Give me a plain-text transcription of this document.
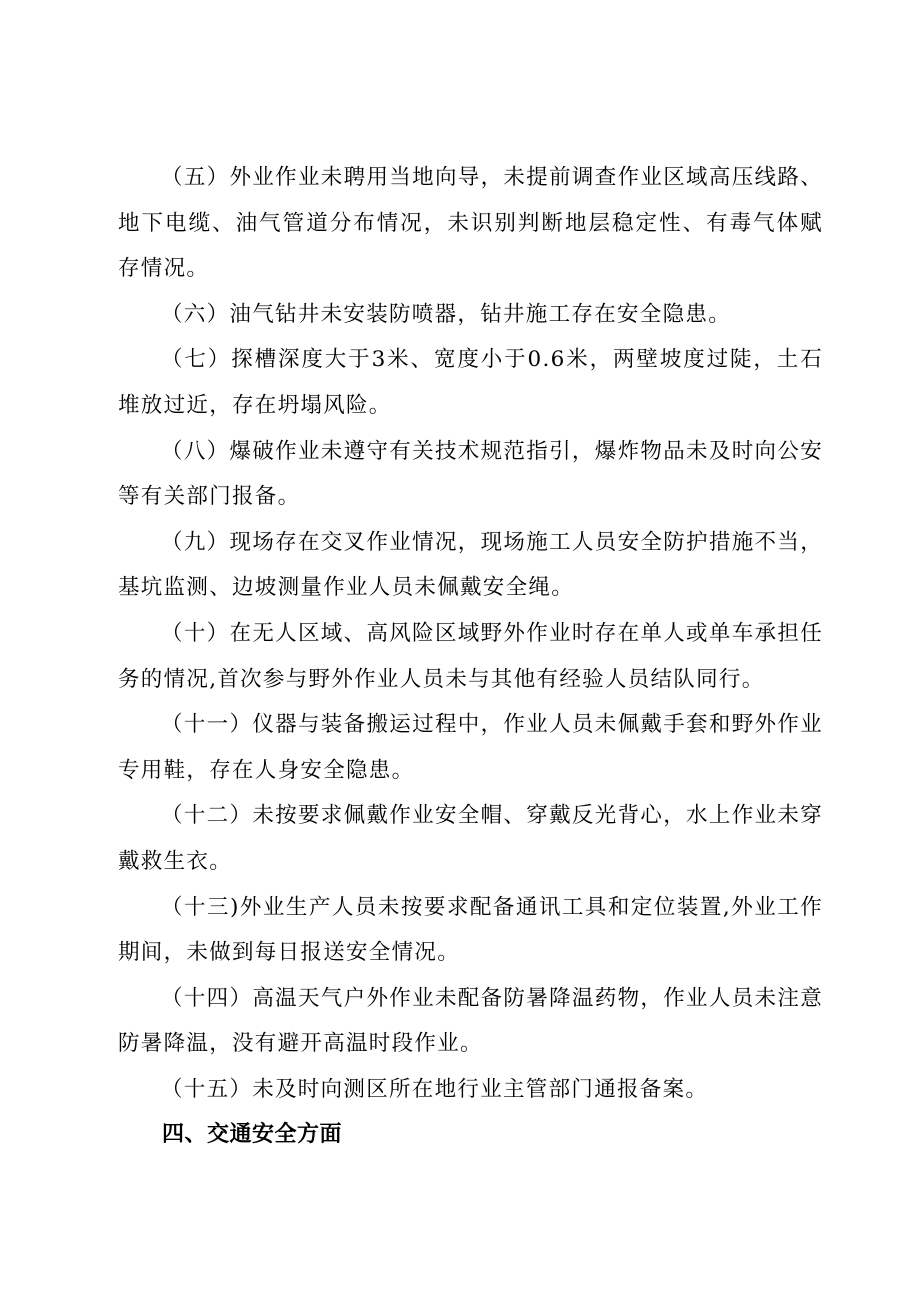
（五）外业作业未聘用当地向导，未提前调查作业区域高压线路、地下电缆、油气管道分布情况，未识别判断地层稳定性、有毒气体赋存情况。

（六）油气钻井未安装防喷器，钻井施工存在安全隐患。

（七）探槽深度大于3米、宽度小于0.6米，两壁坡度过陡，土石堆放过近，存在坍塌风险。

（八）爆破作业未遵守有关技术规范指引，爆炸物品未及时向公安等有关部门报备。

（九）现场存在交叉作业情况，现场施工人员安全防护措施不当，基坑监测、边坡测量作业人员未佩戴安全绳。

（十）在无人区域、高风险区域野外作业时存在单人或单车承担任务的情况,首次参与野外作业人员未与其他有经验人员结队同行。

（十一）仪器与装备搬运过程中，作业人员未佩戴手套和野外作业专用鞋，存在人身安全隐患。

（十二）未按要求佩戴作业安全帽、穿戴反光背心，水上作业未穿戴救生衣。

（十三)外业生产人员未按要求配备通讯工具和定位装置,外业工作期间，未做到每日报送安全情况。

（十四）高温天气户外作业未配备防暑降温药物，作业人员未注意防暑降温，没有避开高温时段作业。

（十五）未及时向测区所在地行业主管部门通报备案。

四、交通安全方面
